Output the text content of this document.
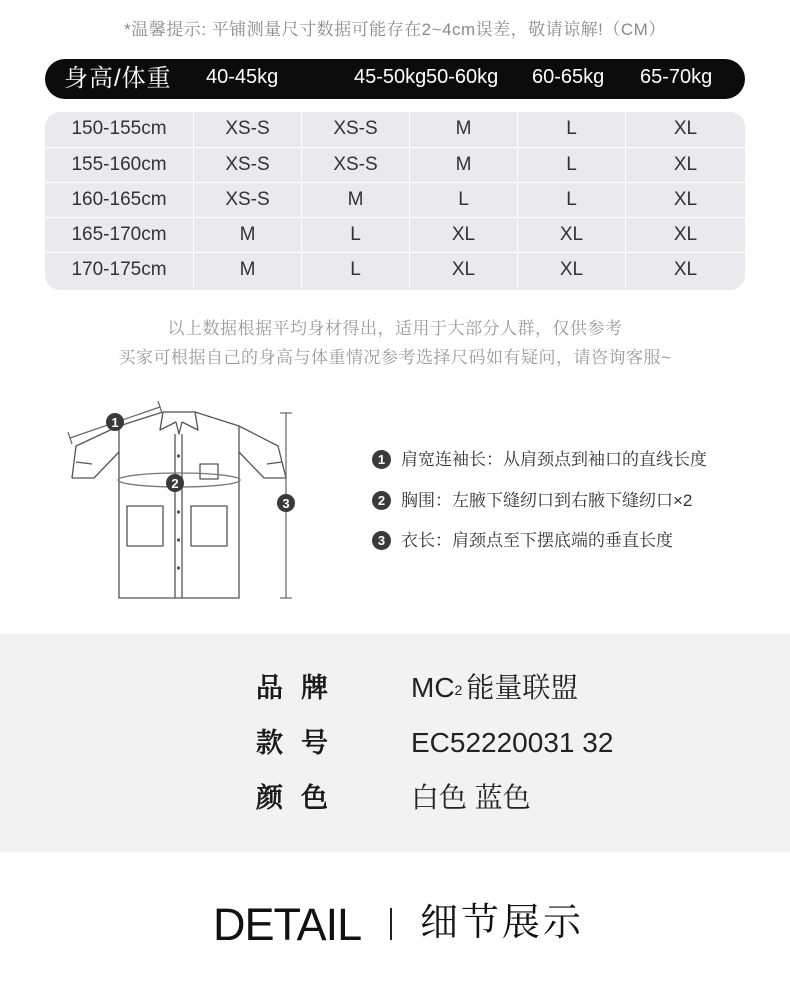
*温馨提示: 平铺测量尺寸数据可能存在2~4cm误差，敬请谅解!（CM）
身高/体重 40-45kg	45-50kg 50-60kg 60-65kg 65-70kg
150-155cm	XS-S	XS-S	M	L	XL
155-160cm	XS-S	XS-S	M	L	XL
160-165cm	XS-S	M	L	L	XL
165-170cm	M	L	XL	XL	XL
170-175cm	M	L	XL	XL	XL
以上数据根据平均身材得出，适用于大部分人群，仅供参考
买家可根据自己的身高与体重情况参考选择尺码如有疑问，请咨询客服~
1
2
3
1 肩宽连袖长：从肩颈点到袖口的直线长度
2 胸围：左腋下缝纫口到右腋下缝纫口×2
3 衣长：肩颈点至下摆底端的垂直长度
品牌 $MC^2$ 能量联盟
款号 EC52220031 32
颜色 白色 蓝色
DETAIL 细节展示
